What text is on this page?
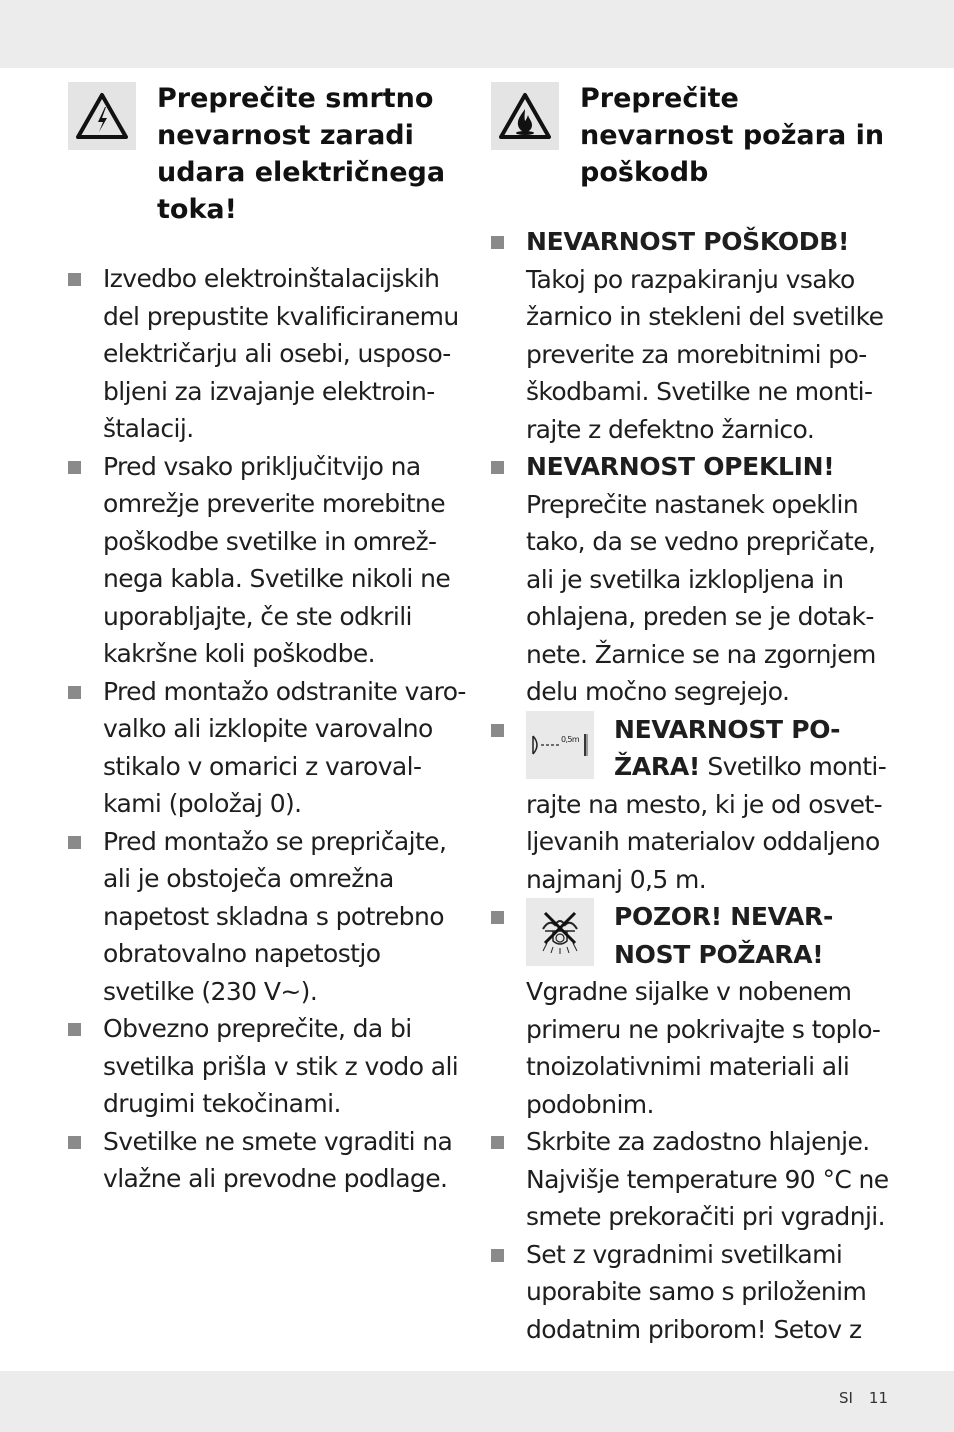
Preprečite smrtno nevarnost zaradi udara električnega toka!
Izvedbo elektroinštalacijskih del prepustite kvalificiranemu električarju ali osebi, usposobljeni za izvajanje elektroinštalacij.
Pred vsako priključitvijo na omrežje preverite morebitne poškodbe svetilke in omrežnega kabla. Svetilke nikoli ne uporabljajte, če ste odkrili kakršne koli poškodbe.
Pred montažo odstranite varovalko ali izklopite varovalno stikalo v omarici z varovalkami (položaj 0).
Pred montažo se prepričajte, ali je obstoječa omrežna napetost skladna s potrebno obratovalno napetostjo svetilke (230 V~).
Obvezno preprečite, da bi svetilka prišla v stik z vodo ali drugimi tekočinami.
Svetilke ne smete vgraditi na vlažne ali prevodne podlage.
Preprečite nevarnost požara in poškodb
NEVARNOST POŠKODB! Takoj po razpakiranju vsako žarnico in stekleni del svetilke preverite za morebitnimi poškodbami. Svetilke ne montirajte z defektno žarnico.
NEVARNOST OPEKLIN! Preprečite nastanek opeklin tako, da se vedno prepričate, ali je svetilka izklopljena in ohlajena, preden se je dotaknete. Žarnice se na zgornjem delu močno segrejejo.
0,5m NEVARNOST POŽARA! Svetilko montirajte na mesto, ki je od osvetljevanih materialov oddaljeno najmanj 0,5 m.
POZOR! NEVARNOST POŽARA! Vgradne sijalke v nobenem primeru ne pokrivajte s toplotnoizolativnimi materiali ali podobnim.
Skrbite za zadostno hlajenje. Najvišje temperature 90 °C ne smete prekoračiti pri vgradnji.
Set z vgradnimi svetilkami uporabite samo s priloženim dodatnim priborom! Setov z
SI 11
